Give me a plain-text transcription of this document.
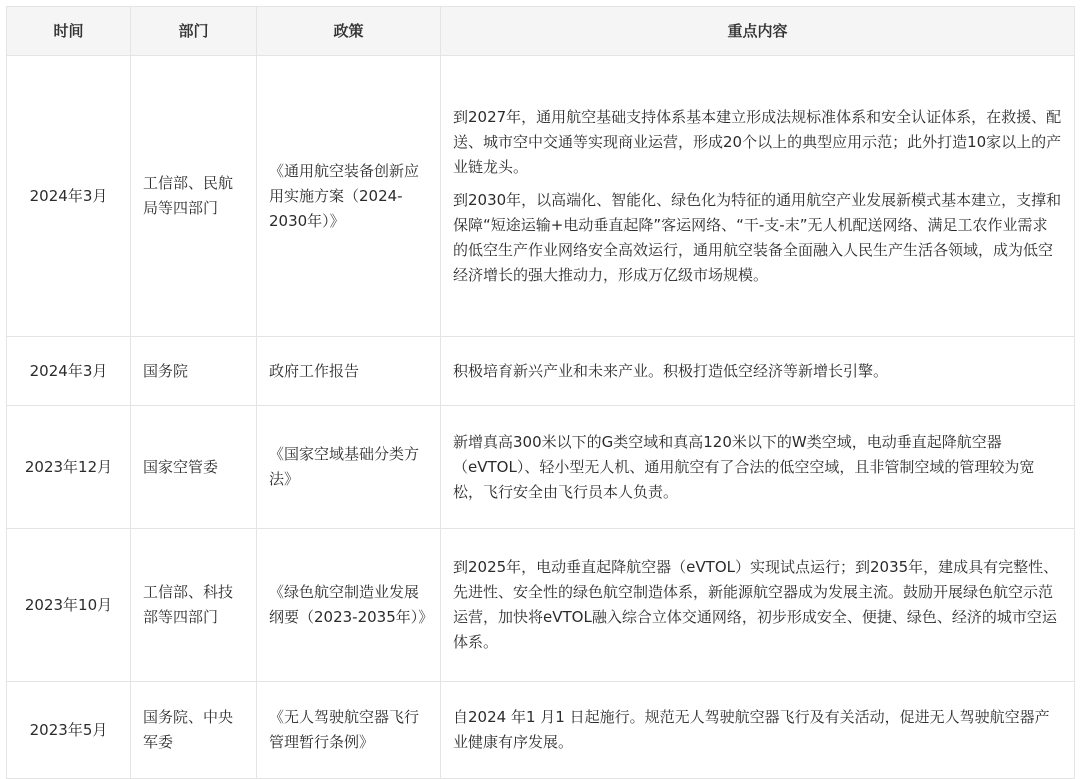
时间	部门	政策	重点内容
2024年3月	工信部、民航局等四部门	《通用航空装备创新应用实施方案（2024-2030年）》	到2027年，通用航空基础支持体系基本建立形成法规标准体系和安全认证体系，在救援、配送、城市空中交通等实现商业运营，形成20个以上的典型应用示范；此外打造10家以上的产业链龙头。

到2030年，以高端化、智能化、绿色化为特征的通用航空产业发展新模式基本建立，支撑和保障“短途运输+电动垂直起降”客运网络、“干-支-末”无人机配送网络、满足工农作业需求的低空生产作业网络安全高效运行，通用航空装备全面融入人民生产生活各领域，成为低空经济增长的强大推动力，形成万亿级市场规模。

2024年3月	国务院	政府工作报告	积极培育新兴产业和未来产业。积极打造低空经济等新增长引擎。

2023年12月	国家空管委	《国家空域基础分类方法》	新增真高300米以下的G类空域和真高120米以下的W类空域，电动垂直起降航空器（eVTOL）、轻小型无人机、通用航空有了合法的低空空域，且非管制空域的管理较为宽松，飞行安全由飞行员本人负责。

2023年10月	工信部、科技部等四部门	《绿色航空制造业发展纲要（2023-2035年）》	到2025年，电动垂直起降航空器（eVTOL）实现试点运行；到2035年，建成具有完整性、先进性、安全性的绿色航空制造体系，新能源航空器成为发展主流。鼓励开展绿色航空示范运营，加快将eVTOL融入综合立体交通网络，初步形成安全、便捷、绿色、经济的城市空运体系。

2023年5月	国务院、中央军委	《无人驾驶航空器飞行管理暂行条例》	自2024 年1 月1 日起施行。规范无人驾驶航空器飞行及有关活动，促进无人驾驶航空器产业健康有序发展。
